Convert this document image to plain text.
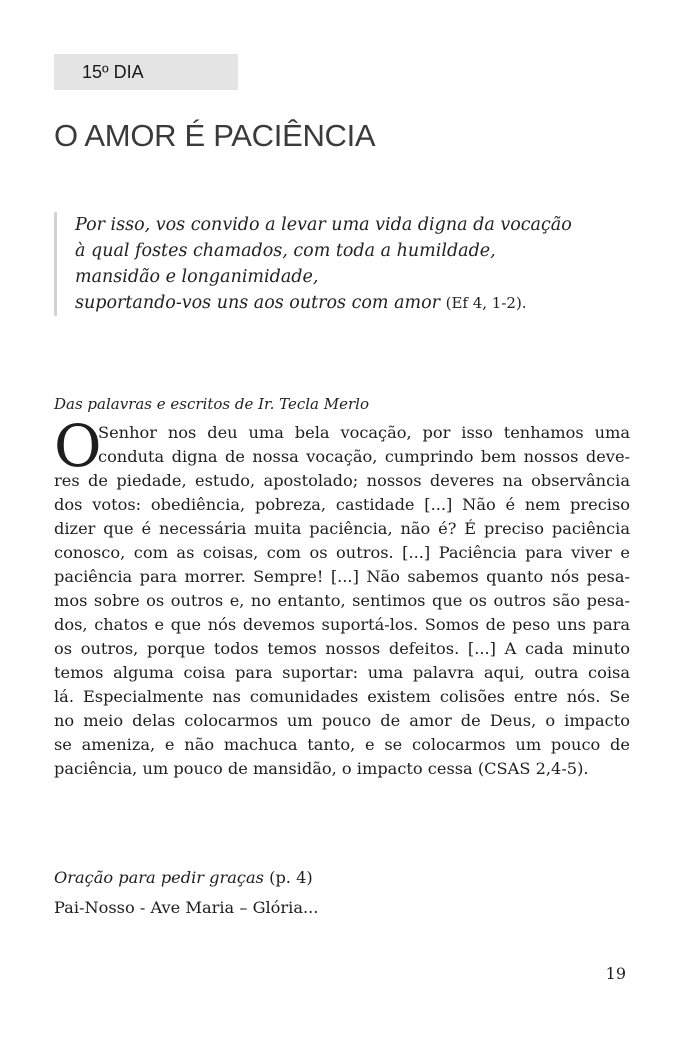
15º DIA
O AMOR É PACIÊNCIA
Por isso, vos convido a levar uma vida digna da vocação
à qual fostes chamados, com toda a humildade,
mansidão e longanimidade,
suportando-vos uns aos outros com amor (Ef 4, 1-2).
Das palavras e escritos de Ir. Tecla Merlo
O
Senhor nos deu uma bela vocação, por isso tenhamos uma
conduta digna de nossa vocação, cumprindo bem nossos deve-
res de piedade, estudo, apostolado; nossos deveres na observância
dos votos: obediência, pobreza, castidade [...] Não é nem preciso
dizer que é necessária muita paciência, não é? É preciso paciência
conosco, com as coisas, com os outros. [...] Paciência para viver e
paciência para morrer. Sempre! [...] Não sabemos quanto nós pesa-
mos sobre os outros e, no entanto, sentimos que os outros são pesa-
dos, chatos e que nós devemos suportá-los. Somos de peso uns para
os outros, porque todos temos nossos defeitos. [...] A cada minuto
temos alguma coisa para suportar: uma palavra aqui, outra coisa
lá. Especialmente nas comunidades existem colisões entre nós. Se
no meio delas colocarmos um pouco de amor de Deus, o impacto
se ameniza, e não machuca tanto, e se colocarmos um pouco de
paciência, um pouco de mansidão, o impacto cessa (CSAS 2,4-5).
Oração para pedir graças (p. 4)
Pai-Nosso - Ave Maria – Glória...
19
